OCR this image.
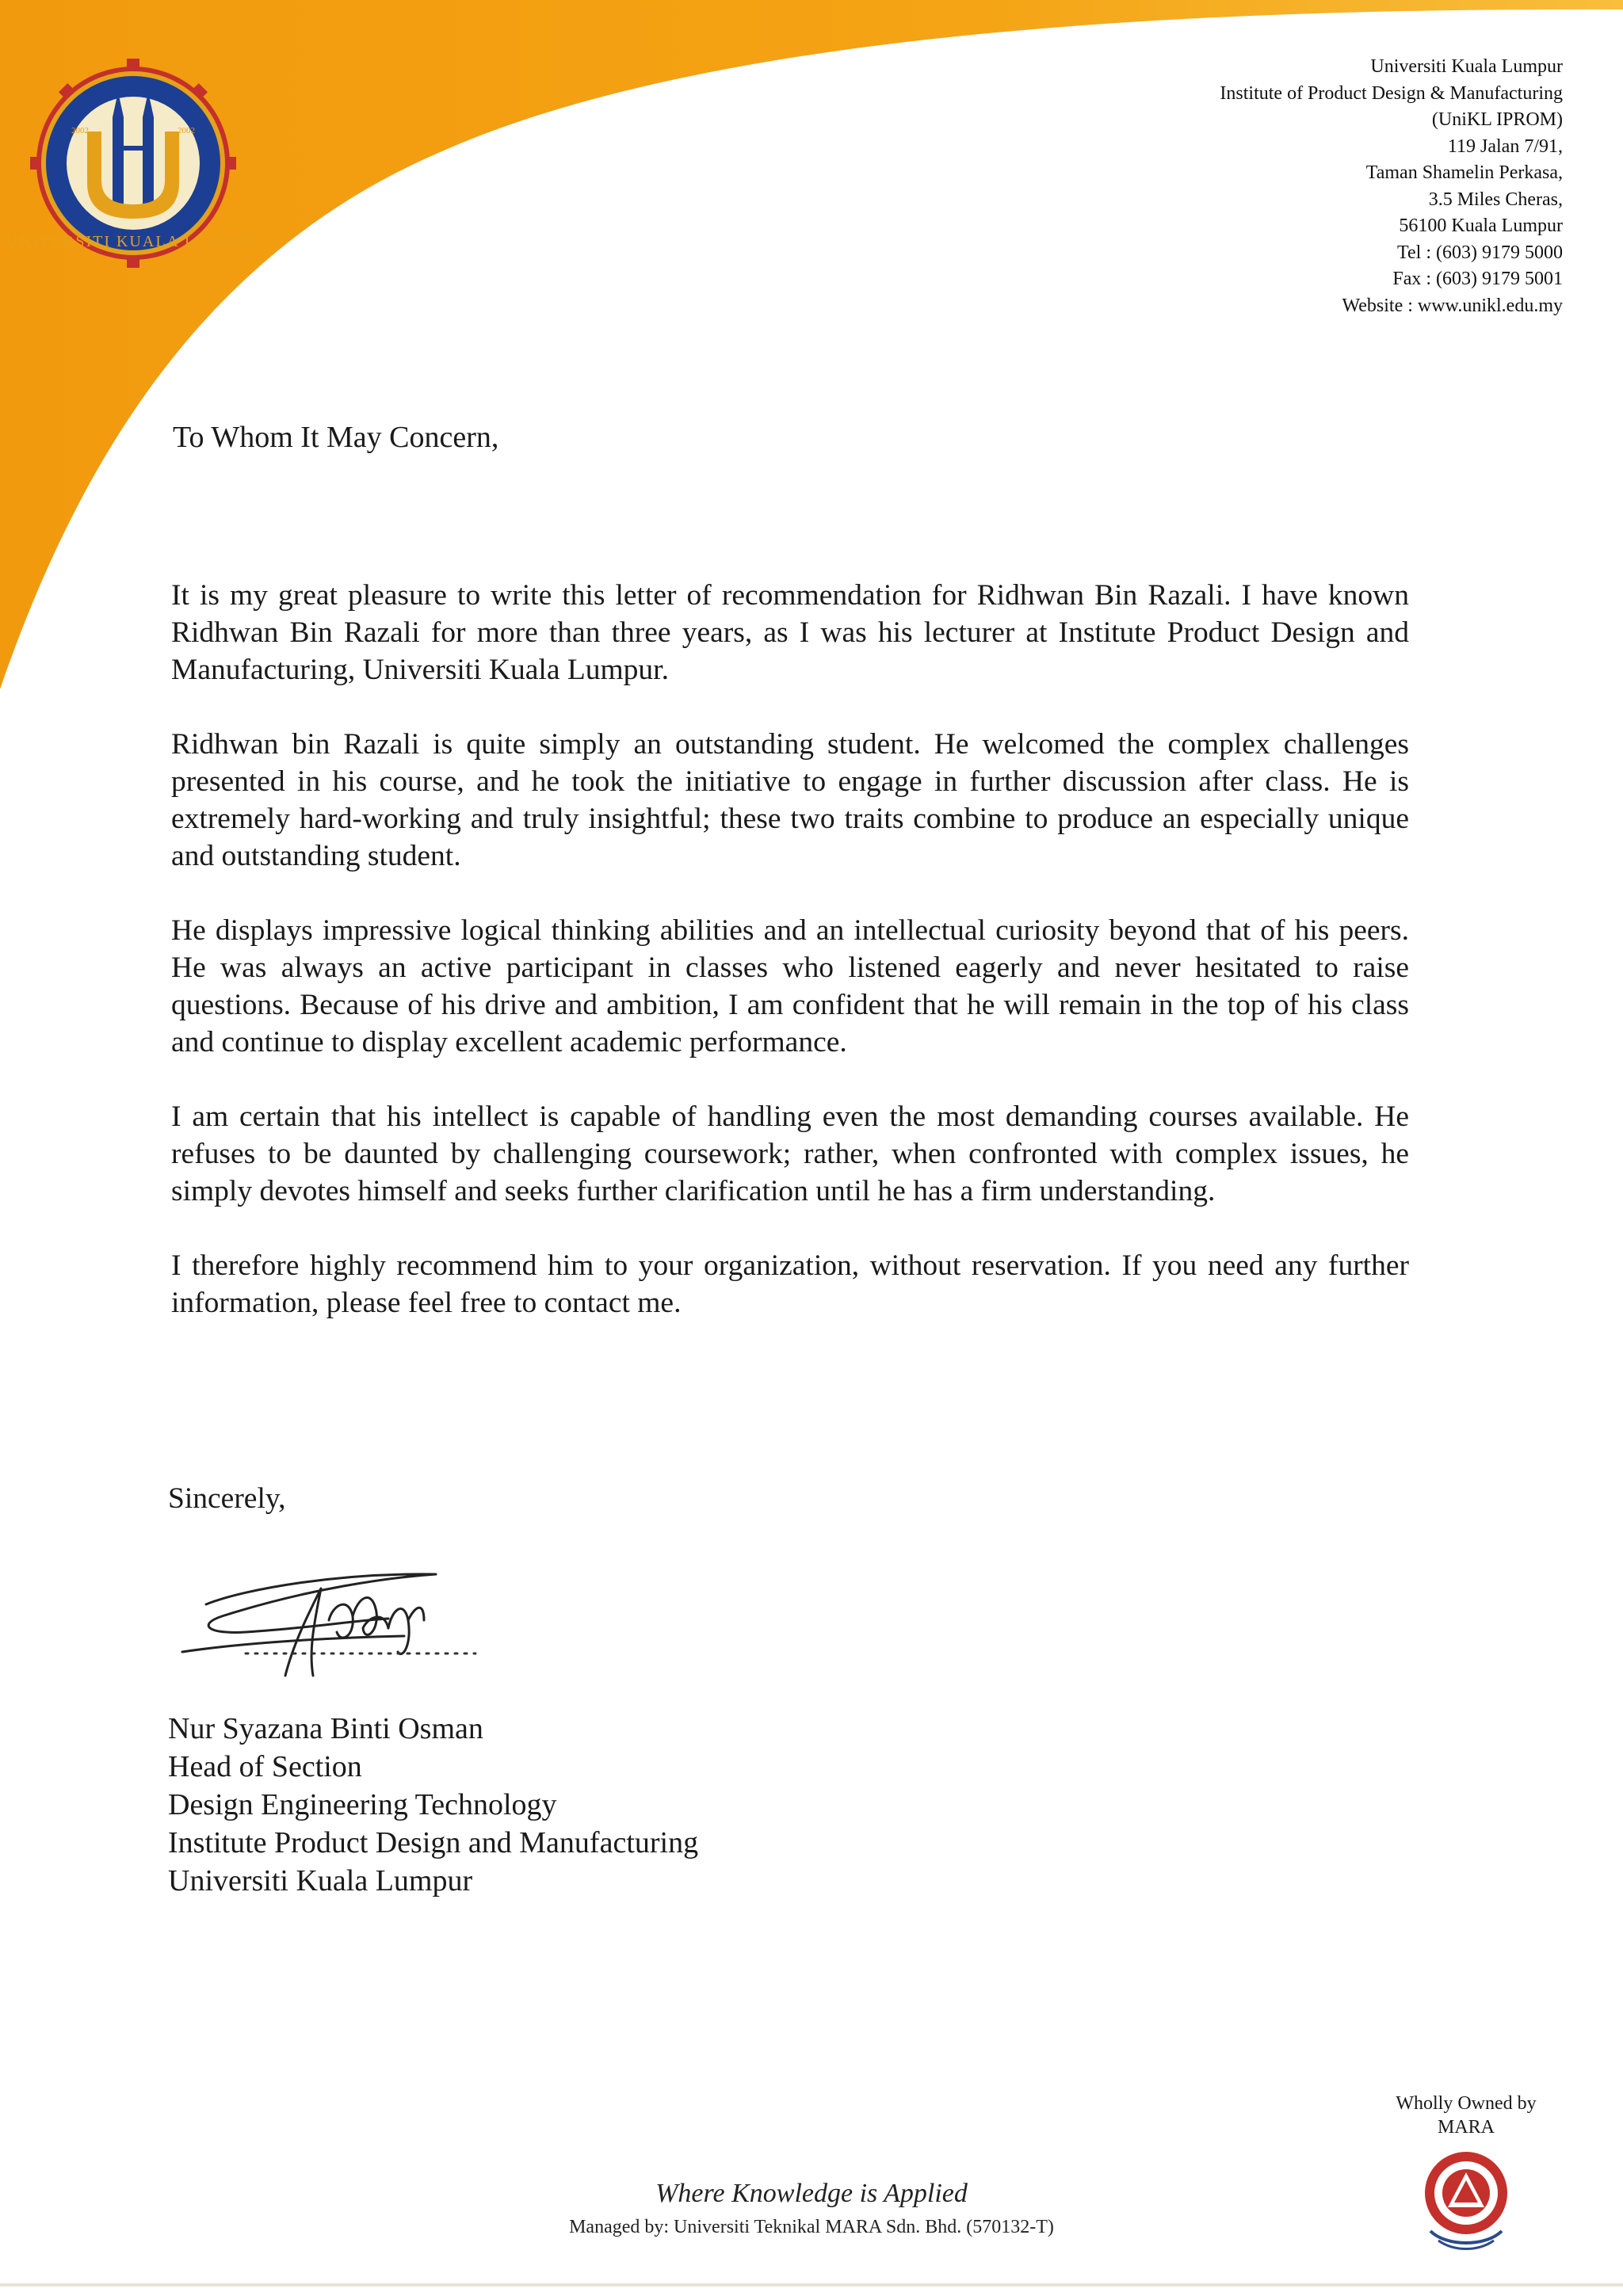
UNIVERSITI KUALA LUMPUR
2002	2002
Universiti Kuala Lumpur
Institute of Product Design & Manufacturing
(UniKL IPROM)
119 Jalan 7/91,
Taman Shamelin Perkasa,
3.5 Miles Cheras,
56100 Kuala Lumpur
Tel : (603) 9179 5000
Fax : (603) 9179 5001
Website : www.unikl.edu.my

To Whom It May Concern,

It is my great pleasure to write this letter of recommendation for Ridhwan Bin Razali. I have known Ridhwan Bin Razali for more than three years, as I was his lecturer at Institute Product Design and Manufacturing, Universiti Kuala Lumpur.

Ridhwan bin Razali is quite simply an outstanding student. He welcomed the complex challenges presented in his course, and he took the initiative to engage in further discussion after class. He is extremely hard-working and truly insightful; these two traits combine to produce an especially unique and outstanding student.

He displays impressive logical thinking abilities and an intellectual curiosity beyond that of his peers. He was always an active participant in classes who listened eagerly and never hesitated to raise questions. Because of his drive and ambition, I am confident that he will remain in the top of his class and continue to display excellent academic performance.

I am certain that his intellect is capable of handling even the most demanding courses available. He refuses to be daunted by challenging coursework; rather, when confronted with complex issues, he simply devotes himself and seeks further clarification until he has a firm understanding.

I therefore highly recommend him to your organization, without reservation. If you need any further information, please feel free to contact me.

Sincerely,

Nur Syazana Binti Osman
Head of Section
Design Engineering Technology
Institute Product Design and Manufacturing
Universiti Kuala Lumpur
Wholly Owned by
MARA
Where Knowledge is Applied
Managed by: Universiti Teknikal MARA Sdn. Bhd. (570132-T)
